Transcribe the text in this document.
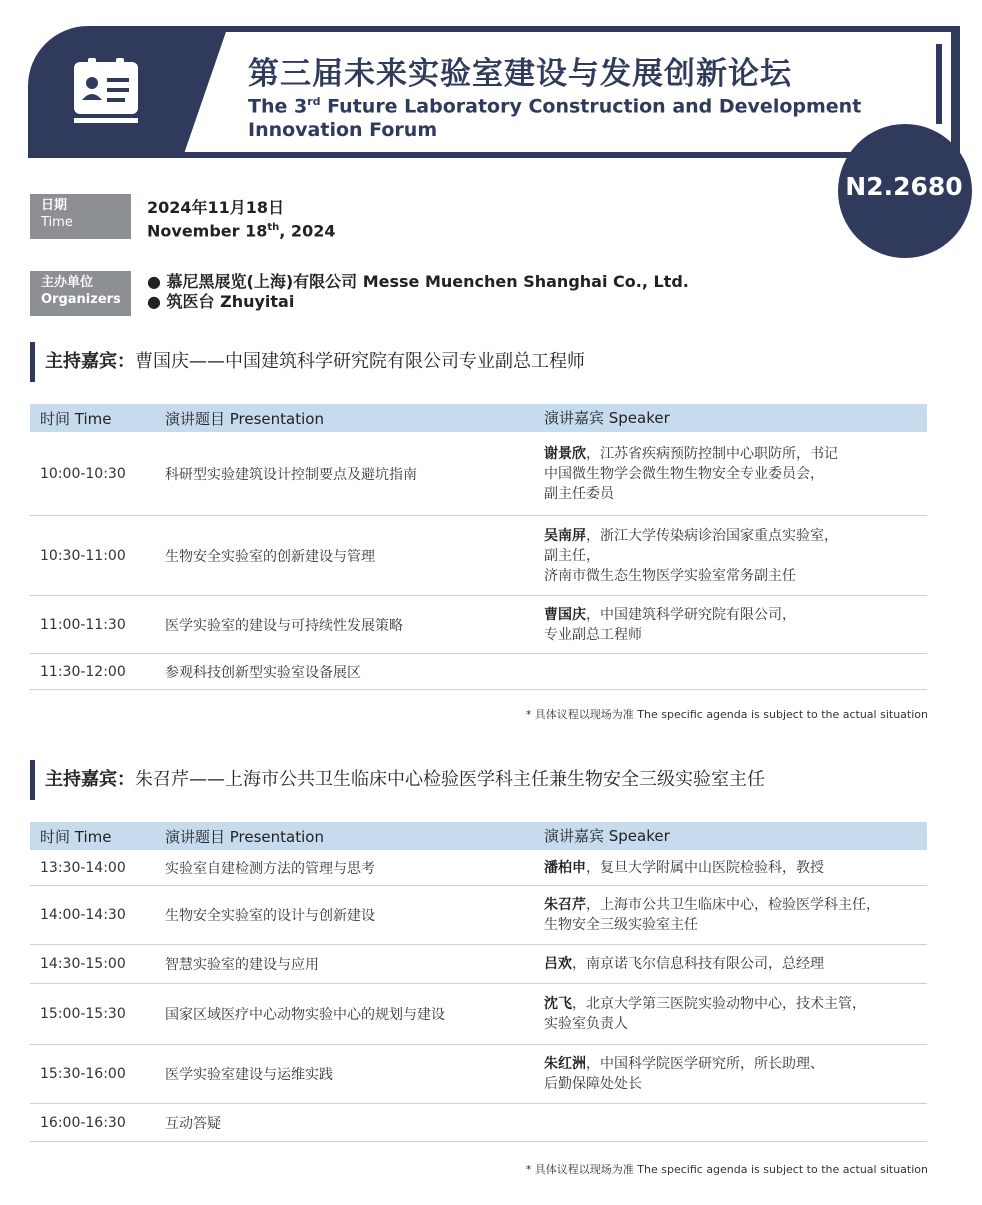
第三届未来实验室建设与发展创新论坛
The 3rd Future Laboratory Construction and Development Innovation Forum
N2.2680
日期
Time
2024年11月18日
November 18th, 2024
主办单位
Organizers
● 慕尼黑展览(上海)有限公司 Messe Muenchen Shanghai Co., Ltd.
● 筑医台 Zhuyitai
主持嘉宾：曹国庆——中国建筑科学研究院有限公司专业副总工程师
时间 Time	演讲题目 Presentation	演讲嘉宾 Speaker
10:00-10:30	科研型实验建筑设计控制要点及避坑指南
谢景欣，江苏省疾病预防控制中心职防所，书记
中国微生物学会微生物生物安全专业委员会，
副主任委员
10:30-11:00	生物安全实验室的创新建设与管理
吴南屏，浙江大学传染病诊治国家重点实验室，
副主任，
济南市微生态生物医学实验室常务副主任
11:00-11:30	医学实验室的建设与可持续性发展策略
曹国庆，中国建筑科学研究院有限公司，
专业副总工程师
11:30-12:00	参观科技创新型实验室设备展区
* 具体议程以现场为准 The specific agenda is subject to the actual situation
主持嘉宾：朱召芹——上海市公共卫生临床中心检验医学科主任兼生物安全三级实验室主任
时间 Time	演讲题目 Presentation	演讲嘉宾 Speaker
13:30-14:00	实验室自建检测方法的管理与思考	潘柏申，复旦大学附属中山医院检验科，教授
14:00-14:30	生物安全实验室的设计与创新建设
朱召芹，上海市公共卫生临床中心，检验医学科主任，
生物安全三级实验室主任
14:30-15:00	智慧实验室的建设与应用	吕欢，南京诺飞尔信息科技有限公司，总经理
15:00-15:30	国家区域医疗中心动物实验中心的规划与建设
沈飞，北京大学第三医院实验动物中心，技术主管，
实验室负责人
15:30-16:00	医学实验室建设与运维实践
朱红洲，中国科学院医学研究所，所长助理、
后勤保障处处长
16:00-16:30	互动答疑
* 具体议程以现场为准 The specific agenda is subject to the actual situation
